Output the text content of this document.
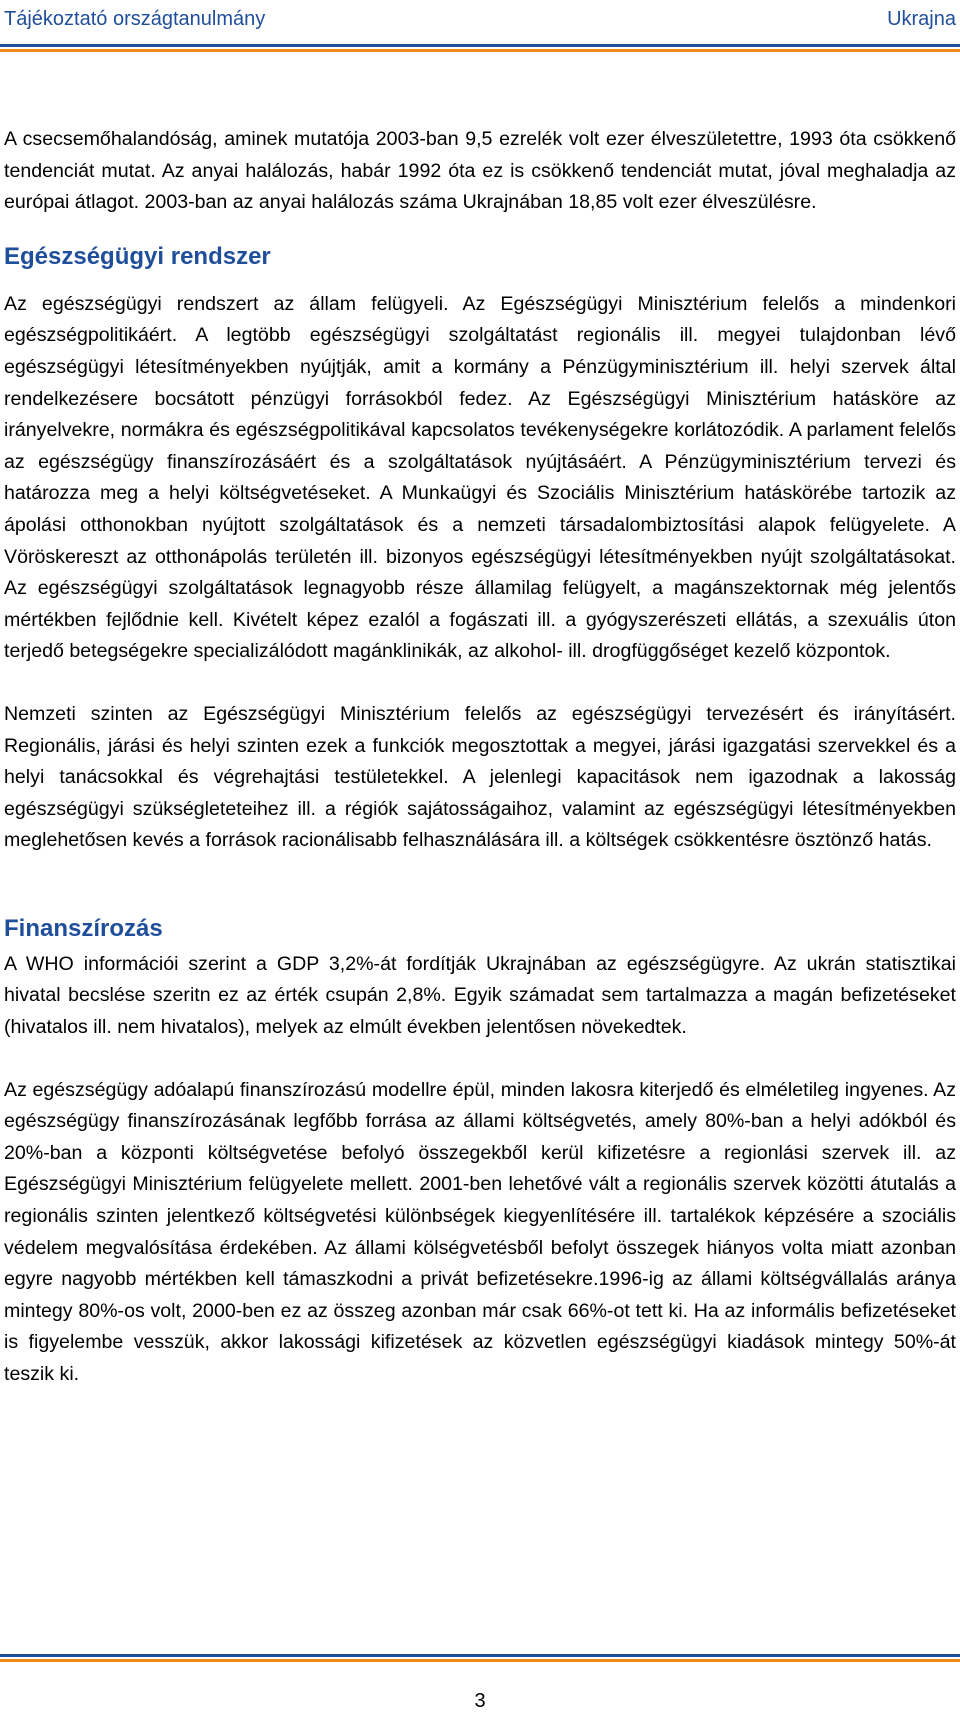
Tájékoztató országtanulmány	Ukrajna

A csecsemőhalandóság, aminek mutatója 2003-ban 9,5 ezrelék volt ezer élveszületettre, 1993 óta csökkenő tendenciát mutat. Az anyai halálozás, habár 1992 óta ez is csökkenő tendenciát mutat, jóval meghaladja az európai átlagot. 2003-ban az anyai halálozás száma Ukrajnában 18,85 volt ezer élveszülésre.

Egészségügyi rendszer

Az egészségügyi rendszert az állam felügyeli. Az Egészségügyi Minisztérium felelős a mindenkori egészségpolitikáért. A legtöbb egészségügyi szolgáltatást regionális ill. megyei tulajdonban lévő egészségügyi létesítményekben nyújtják, amit a kormány a Pénzügyminisztérium ill. helyi szervek által rendelkezésere bocsátott pénzügyi forrásokból fedez. Az Egészségügyi Minisztérium hatásköre az irányelvekre, normákra és egészségpolitikával kapcsolatos tevékenységekre korlátozódik. A parlament felelős az egészségügy finanszírozásáért és a szolgáltatások nyújtásáért. A Pénzügyminisztérium tervezi és határozza meg a helyi költségvetéseket. A Munkaügyi és Szociális Minisztérium hatáskörébe tartozik az ápolási otthonokban nyújtott szolgáltatások és a nemzeti társadalombiztosítási alapok felügyelete. A Vöröskereszt az otthonápolás területén ill. bizonyos egészségügyi létesítményekben nyújt szolgáltatásokat. Az egészségügyi szolgáltatások legnagyobb része államilag felügyelt, a magánszektornak még jelentős mértékben fejlődnie kell. Kivételt képez ezalól a fogászati ill. a gyógyszerészeti ellátás, a szexuális úton terjedő betegségekre specializálódott magánklinikák, az alkohol- ill. drogfüggőséget kezelő központok.

Nemzeti szinten az Egészségügyi Minisztérium felelős az egészségügyi tervezésért és irányításért. Regionális, járási és helyi szinten ezek a funkciók megosztottak a megyei, járási igazgatási szervekkel és a helyi tanácsokkal és végrehajtási testületekkel. A jelenlegi kapacitások nem igazodnak a lakosság egészségügyi szükségleteteihez ill. a régiók sajátosságaihoz, valamint az egészségügyi létesítményekben meglehetősen kevés a források racionálisabb felhasználására ill. a költségek csökkentésre ösztönző hatás.

Finanszírozás

A WHO információi szerint a GDP 3,2%-át fordítják Ukrajnában az egészségügyre. Az ukrán statisztikai hivatal becslése szeritn ez az érték csupán 2,8%. Egyik számadat sem tartalmazza a magán befizetéseket (hivatalos ill. nem hivatalos), melyek az elmúlt években jelentősen növekedtek.

Az egészségügy adóalapú finanszírozású modellre épül, minden lakosra kiterjedő és elméletileg ingyenes. Az egészségügy finanszírozásának legfőbb forrása az állami költségvetés, amely 80%-ban a helyi adókból és 20%-ban a központi költségvetése befolyó összegekből kerül kifizetésre a regionlási szervek ill. az Egészségügyi Minisztérium felügyelete mellett. 2001-ben lehetővé vált a regionális szervek közötti átutalás a regionális szinten jelentkező költségvetési különbségek kiegyenlítésére ill. tartalékok képzésére a szociális védelem megvalósítása érdekében. Az állami kölségvetésből befolyt összegek hiányos volta miatt azonban egyre nagyobb mértékben kell támaszkodni a privát befizetésekre.1996-ig az állami költségvállalás aránya mintegy 80%-os volt, 2000-ben ez az összeg azonban már csak 66%-ot tett ki. Ha az informális befizetéseket is figyelembe vesszük, akkor lakossági kifizetések az közvetlen egészségügyi kiadások mintegy 50%-át teszik ki.

3
